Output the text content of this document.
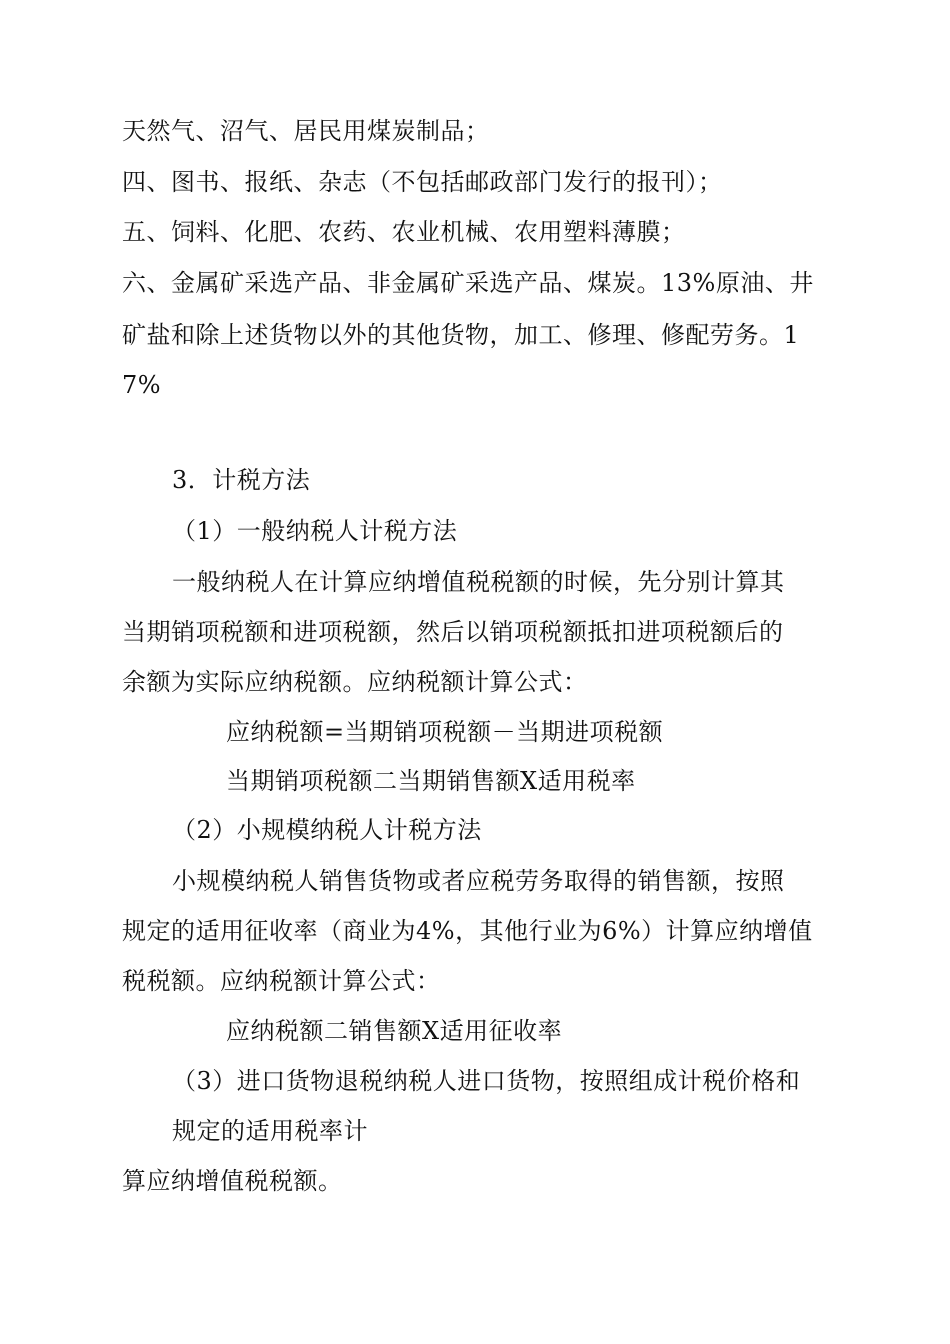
天然气、沼气、居民用煤炭制品；
四、图书、报纸、杂志（不包括邮政部门发行的报刊）；
五、饲料、化肥、农药、农业机械、农用塑料薄膜；
六、金属矿采选产品、非金属矿采选产品、煤炭。13%原油、井
矿盐和除上述货物以外的其他货物，加工、修理、修配劳务。1
7%
3．计税方法
（1）一般纳税人计税方法
一般纳税人在计算应纳增值税税额的时候，先分别计算其
当期销项税额和进项税额，然后以销项税额抵扣进项税额后的
余额为实际应纳税额。应纳税额计算公式：
应纳税额=当期销项税额－当期进项税额
当期销项税额二当期销售额X适用税率
（2）小规模纳税人计税方法
小规模纳税人销售货物或者应税劳务取得的销售额，按照
规定的适用征收率（商业为4%，其他行业为6%）计算应纳增值
税税额。应纳税额计算公式：
应纳税额二销售额X适用征收率
（3）进口货物退税纳税人进口货物，按照组成计税价格和
规定的适用税率计
算应纳增值税税额。
